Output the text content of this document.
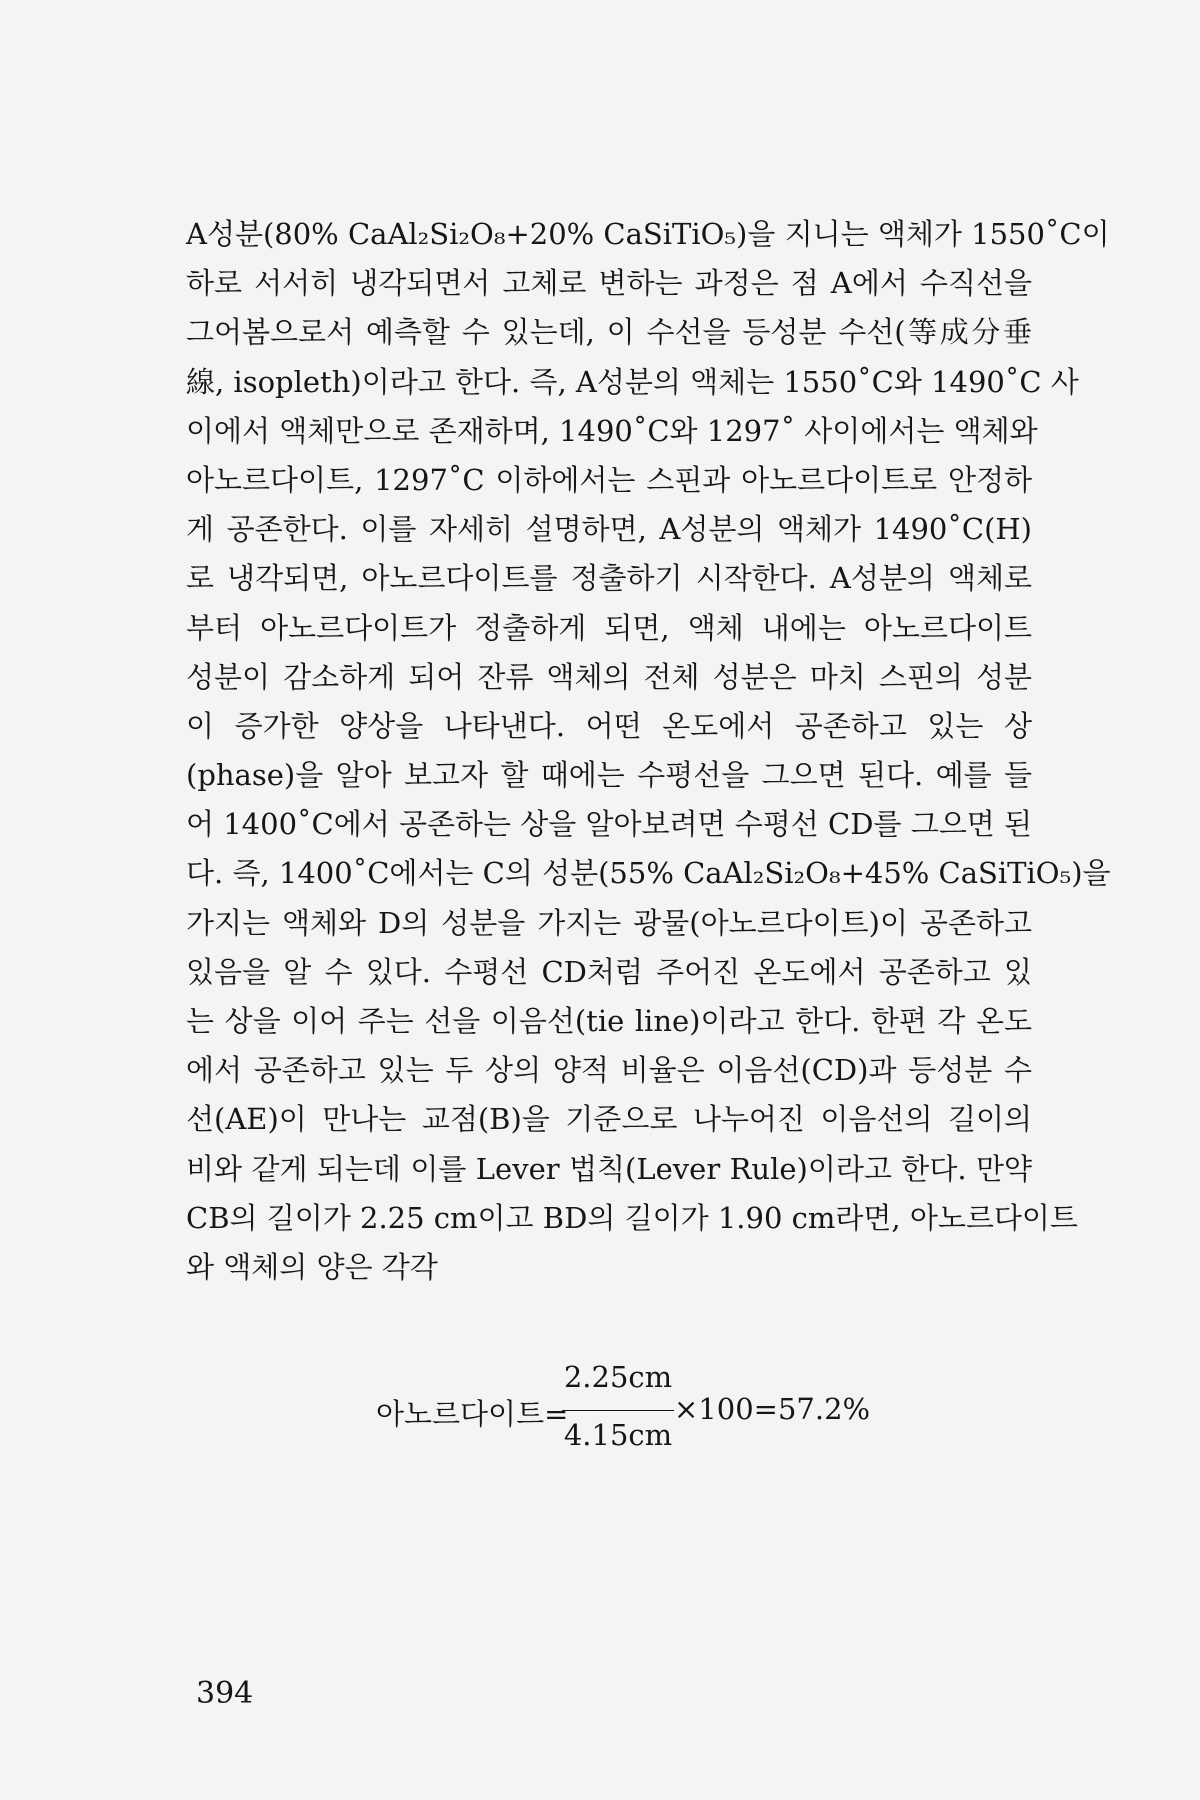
A성분(80% CaAl₂Si₂O₈+20% CaSiTiO₅)을 지니는 액체가 1550˚C이
하로 서서히 냉각되면서 고체로 변하는 과정은 점 A에서 수직선을
그어봄으로서 예측할 수 있는데, 이 수선을 등성분 수선(等成分垂
線, isopleth)이라고 한다. 즉, A성분의 액체는 1550˚C와 1490˚C 사
이에서 액체만으로 존재하며, 1490˚C와 1297˚ 사이에서는 액체와
아노르다이트, 1297˚C 이하에서는 스핀과 아노르다이트로 안정하
게 공존한다. 이를 자세히 설명하면, A성분의 액체가 1490˚C(H)
로 냉각되면, 아노르다이트를 정출하기 시작한다. A성분의 액체로
부터 아노르다이트가 정출하게 되면, 액체 내에는 아노르다이트
성분이 감소하게 되어 잔류 액체의 전체 성분은 마치 스핀의 성분
이 증가한 양상을 나타낸다. 어떤 온도에서 공존하고 있는 상
(phase)을 알아 보고자 할 때에는 수평선을 그으면 된다. 예를 들
어 1400˚C에서 공존하는 상을 알아보려면 수평선 CD를 그으면 된
다. 즉, 1400˚C에서는 C의 성분(55% CaAl₂Si₂O₈+45% CaSiTiO₅)을
가지는 액체와 D의 성분을 가지는 광물(아노르다이트)이 공존하고
있음을 알 수 있다. 수평선 CD처럼 주어진 온도에서 공존하고 있
는 상을 이어 주는 선을 이음선(tie line)이라고 한다. 한편 각 온도
에서 공존하고 있는 두 상의 양적 비율은 이음선(CD)과 등성분 수
선(AE)이 만나는 교점(B)을 기준으로 나누어진 이음선의 길이의
비와 같게 되는데 이를 Lever 법칙(Lever Rule)이라고 한다. 만약
CB의 길이가 2.25 cm이고 BD의 길이가 1.90 cm라면, 아노르다이트
와 액체의 양은 각각
아노르다이트=
2.25cm
4.15cm
×100=57.2%

394
